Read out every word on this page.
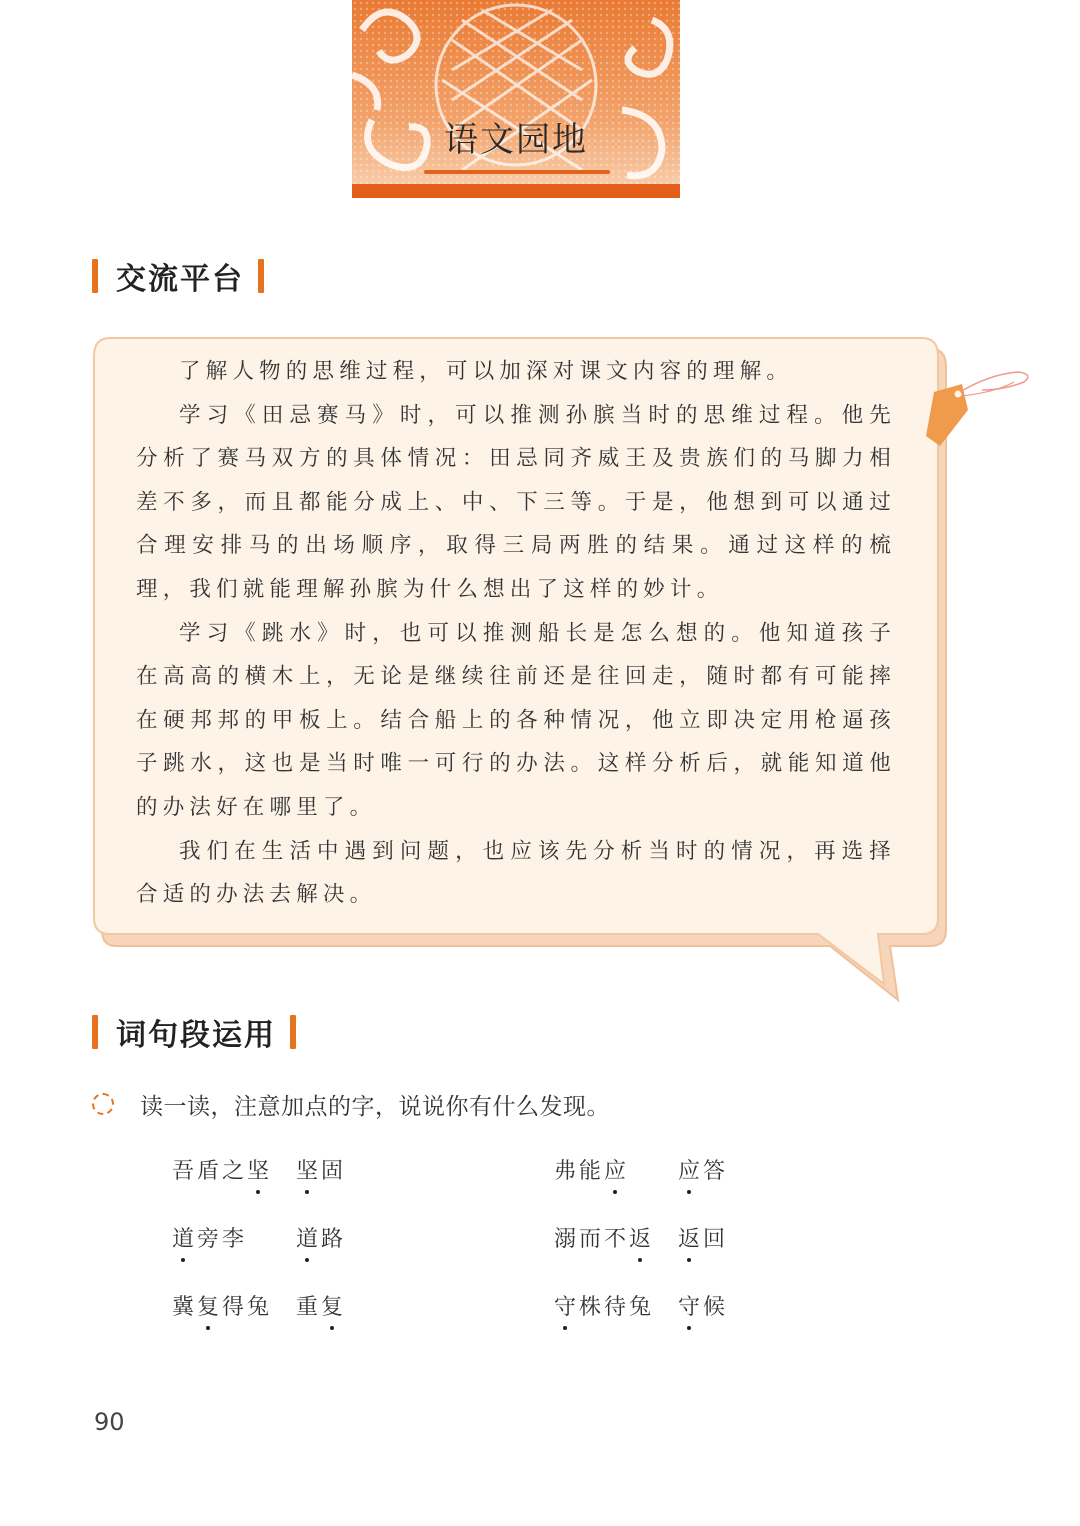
语文园地
交流平台

了解人物的思维过程，可以加深对课文内容的理解。

学习《田忌赛马》时，可以推测孙膑当时的思维过程。他先分析了赛马双方的具体情况：田忌同齐威王及贵族们的马脚力相差不多，而且都能分成上、中、下三等。于是，他想到可以通过合理安排马的出场顺序，取得三局两胜的结果。通过这样的梳理，我们就能理解孙膑为什么想出了这样的妙计。

学习《跳水》时，也可以推测船长是怎么想的。他知道孩子在高高的横木上，无论是继续往前还是往回走，随时都有可能摔在硬邦邦的甲板上。结合船上的各种情况，他立即决定用枪逼孩子跳水，这也是当时唯一可行的办法。这样分析后，就能知道他的办法好在哪里了。

我们在生活中遇到问题，也应该先分析当时的情况，再选择合适的办法去解决。

词句段运用
读一读，注意加点的字，说说你有什么发现。
吾盾之坚	坚固	弗能应	应答
道旁李	道路	溺而不返	返回
冀复得兔	重复	守株待兔	守候
90
